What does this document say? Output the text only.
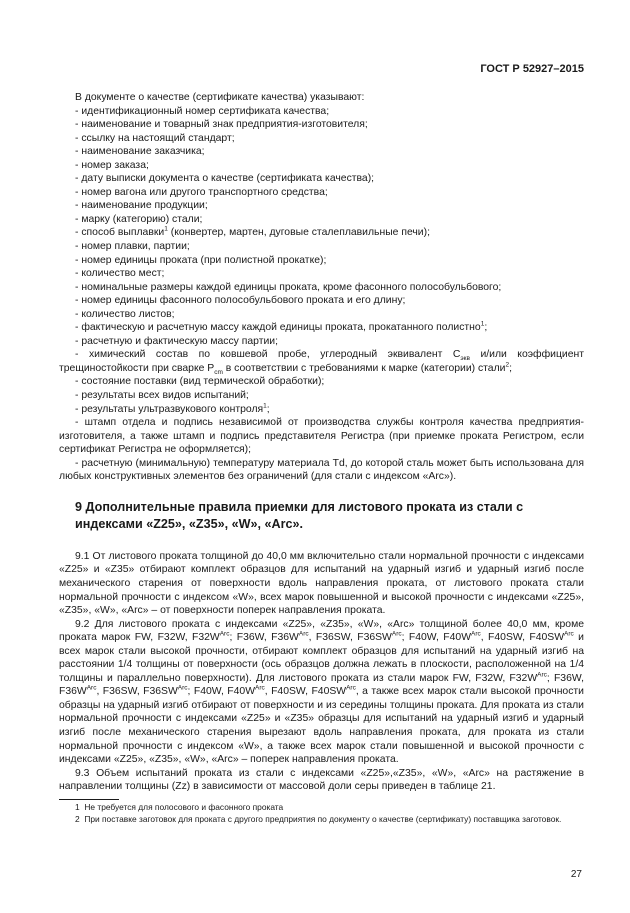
ГОСТ Р 52927–2015

В документе о качестве (сертификате качества) указывают:

- идентификационный номер сертификата качества;

- наименование и товарный знак предприятия-изготовителя;

- ссылку на настоящий стандарт;

- наименование заказчика;

- номер заказа;

- дату выписки документа о качестве (сертификата качества);

- номер вагона или другого транспортного средства;

- наименование продукции;

- марку (категорию) стали;

- способ выплавки$^1$ (конвертер, мартен, дуговые сталеплавильные печи);

- номер плавки, партии;

- номер единицы проката (при полистной прокатке);

- количество мест;

- номинальные размеры каждой единицы проката, кроме фасонного полособульбового;

- номер единицы фасонного полособульбового проката и его длину;

- количество листов;

- фактическую и расчетную массу каждой единицы проката, прокатанного полистно$^1$;

- расчетную и фактическую массу партии;

- химический состав по ковшевой пробе, углеродный эквивалент $C_{экв}$ и/или коэффициент трещиностойкости при сварке $P_{cm}$ в соответствии с требованиями к марке (категории) стали$^2$;

- состояние поставки (вид термической обработки);

- результаты всех видов испытаний;

- результаты ультразвукового контроля$^1$;

- штамп отдела и подпись независимой от производства службы контроля качества предприятия-изготовителя, а также штамп и подпись представителя Регистра (при приемке проката Регистром, если сертификат Регистра не оформляется);

- расчетную (минимальную) температуру материала Td, до которой сталь может быть использована для любых конструктивных элементов без ограничений (для стали с индексом «Arc»).

9 Дополнительные правила приемки для листового проката из стали с индексами «Z25», «Z35», «W», «Arc».

9.1 От листового проката толщиной до 40,0 мм включительно стали нормальной прочности с индексами «Z25» и «Z35» отбирают комплект образцов для испытаний на ударный изгиб и ударный изгиб после механического старения от поверхности вдоль направления проката, от листового проката стали нормальной прочности с индексом «W», всех марок повышенной и высокой прочности с индексами «Z25», «Z35», «W», «Arc» – от поверхности поперек направления проката.

9.2 Для листового проката с индексами «Z25», «Z35», «W», «Arc» толщиной более 40,0 мм, кроме проката марок FW, F32W, $F32W^{Arc}$; F36W, $F36W^{Arc}$, F36SW, $F36SW^{Arc}$; F40W, $F40W^{Arc}$, F40SW, $F40SW^{Arc}$ и всех марок стали высокой прочности, отбирают комплект образцов для испытаний на ударный изгиб на расстоянии 1/4 толщины от поверхности (ось образцов должна лежать в плоскости, расположенной на 1/4 толщины и параллельно поверхности). Для листового проката из стали марок FW, F32W, $F32W^{Arc}$; F36W, $F36W^{Arc}$, F36SW, $F36SW^{Arc}$; F40W, $F40W^{Arc}$, F40SW, $F40SW^{Arc}$, а также всех марок стали высокой прочности образцы на ударный изгиб отбирают от поверхности и из середины толщины проката. Для проката из стали нормальной прочности с индексами «Z25» и «Z35» образцы для испытаний на ударный изгиб и ударный изгиб после механического старения вырезают вдоль направления проката, для проката из стали нормальной прочности с индексом «W», а также всех марок стали повышенной и высокой прочности с индексами «Z25», «Z35», «W», «Arc» – поперек направления проката.

9.3 Объем испытаний проката из стали с индексами «Z25»,«Z35», «W», «Arc» на растяжение в направлении толщины (Zz) в зависимости от массовой доли серы приведен в таблице 21.

1 Не требуется для полосового и фасонного проката

2 При поставке заготовок для проката с другого предприятия по документу о качестве (сертификату) поставщика заготовок.

27
